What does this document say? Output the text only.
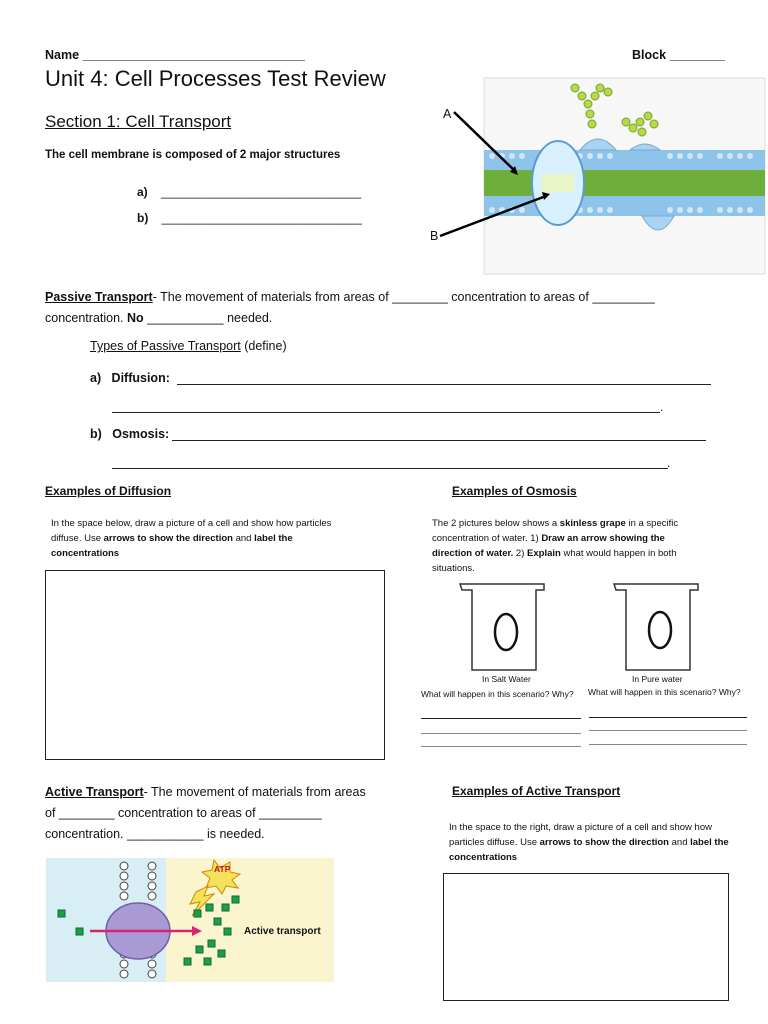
Name ________________________________	Block ________
Unit 4: Cell Processes Test Review
Section 1: Cell Transport
The cell membrane is composed of 2 major structures
a) ______________________________
b) ______________________________
A
B
Passive Transport- The movement of materials from areas of ________ concentration to areas of _________
concentration. No ___________ needed.
Types of Passive Transport (define)
a) Diffusion:
.
b) Osmosis:
.
Examples of Diffusion
In the space below, draw a picture of a cell and show how particles diffuse. Use arrows to show the direction and label the concentrations
Examples of Osmosis
The 2 pictures below shows a skinless grape in a specific concentration of water. 1) Draw an arrow showing the direction of water. 2) Explain what would happen in both situations.
In Salt Water
What will happen in this scenario? Why?
In Pure water
What will happen in this scenario? Why?
Active Transport- The movement of materials from areas
of ________ concentration to areas of _________
concentration. ___________ is needed.
ATP
Active transport
Examples of Active Transport
In the space to the right, draw a picture of a cell and show how particles diffuse. Use arrows to show the direction and label the concentrations
